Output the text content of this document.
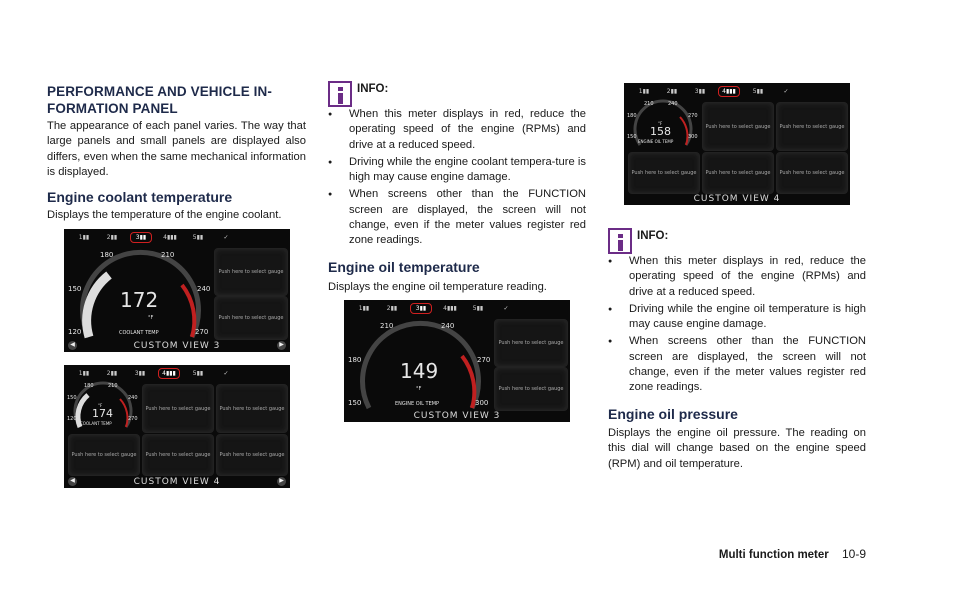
PERFORMANCE AND VEHICLE IN-
FORMATION PANEL
The appearance of each panel varies. The way that large panels and small panels are displayed also differs, even when the same mechanical information is displayed.
Engine coolant temperature
Displays the temperature of the engine coolant.
1▮▮	2▮▮	3▮▮	4▮▮▮	5▮▮	✓
180	210
150	240
120	270
172
°F
COOLANT TEMP
Push here to select gauge
Push here to select gauge
CUSTOM VIEW 3
◀	▶
1▮▮	2▮▮	3▮▮	4▮▮▮	5▮▮	✓
180	210
150	240
120	270
174
°F
COOLANT TEMP
Push here to select gauge	Push here to select gauge
Push here to select gauge	Push here to select gauge	Push here to select gauge
CUSTOM VIEW 4
◀	▶
INFO:
● When this meter displays in red, reduce the operating speed of the engine (RPMs) and drive at a reduced speed.
● Driving while the engine coolant tempera-ture is high may cause engine damage.
● When screens other than the FUNCTION screen are displayed, the screen will not change, even if the meter values register red zone readings.
Engine oil temperature
Displays the engine oil temperature reading.
1▮▮	2▮▮	3▮▮	4▮▮▮	5▮▮	✓
210	240
180	270
150	300
149
°F
ENGINE OIL TEMP
Push here to select gauge
Push here to select gauge
CUSTOM VIEW 3
1▮▮	2▮▮	3▮▮	4▮▮▮	5▮▮	✓
210	240
180	270
150	300
158
°F
ENGINE OIL TEMP
Push here to select gauge	Push here to select gauge
Push here to select gauge	Push here to select gauge	Push here to select gauge
CUSTOM VIEW 4
INFO:
● When this meter displays in red, reduce the operating speed of the engine (RPMs) and drive at a reduced speed.
● Driving while the engine oil temperature is high may cause engine damage.
● When screens other than the FUNCTION screen are displayed, the screen will not change, even if the meter values register red zone readings.
Engine oil pressure
Displays the engine oil pressure. The reading on this dial will change based on the engine speed (RPM) and oil temperature.
Multi function meter 10-9
